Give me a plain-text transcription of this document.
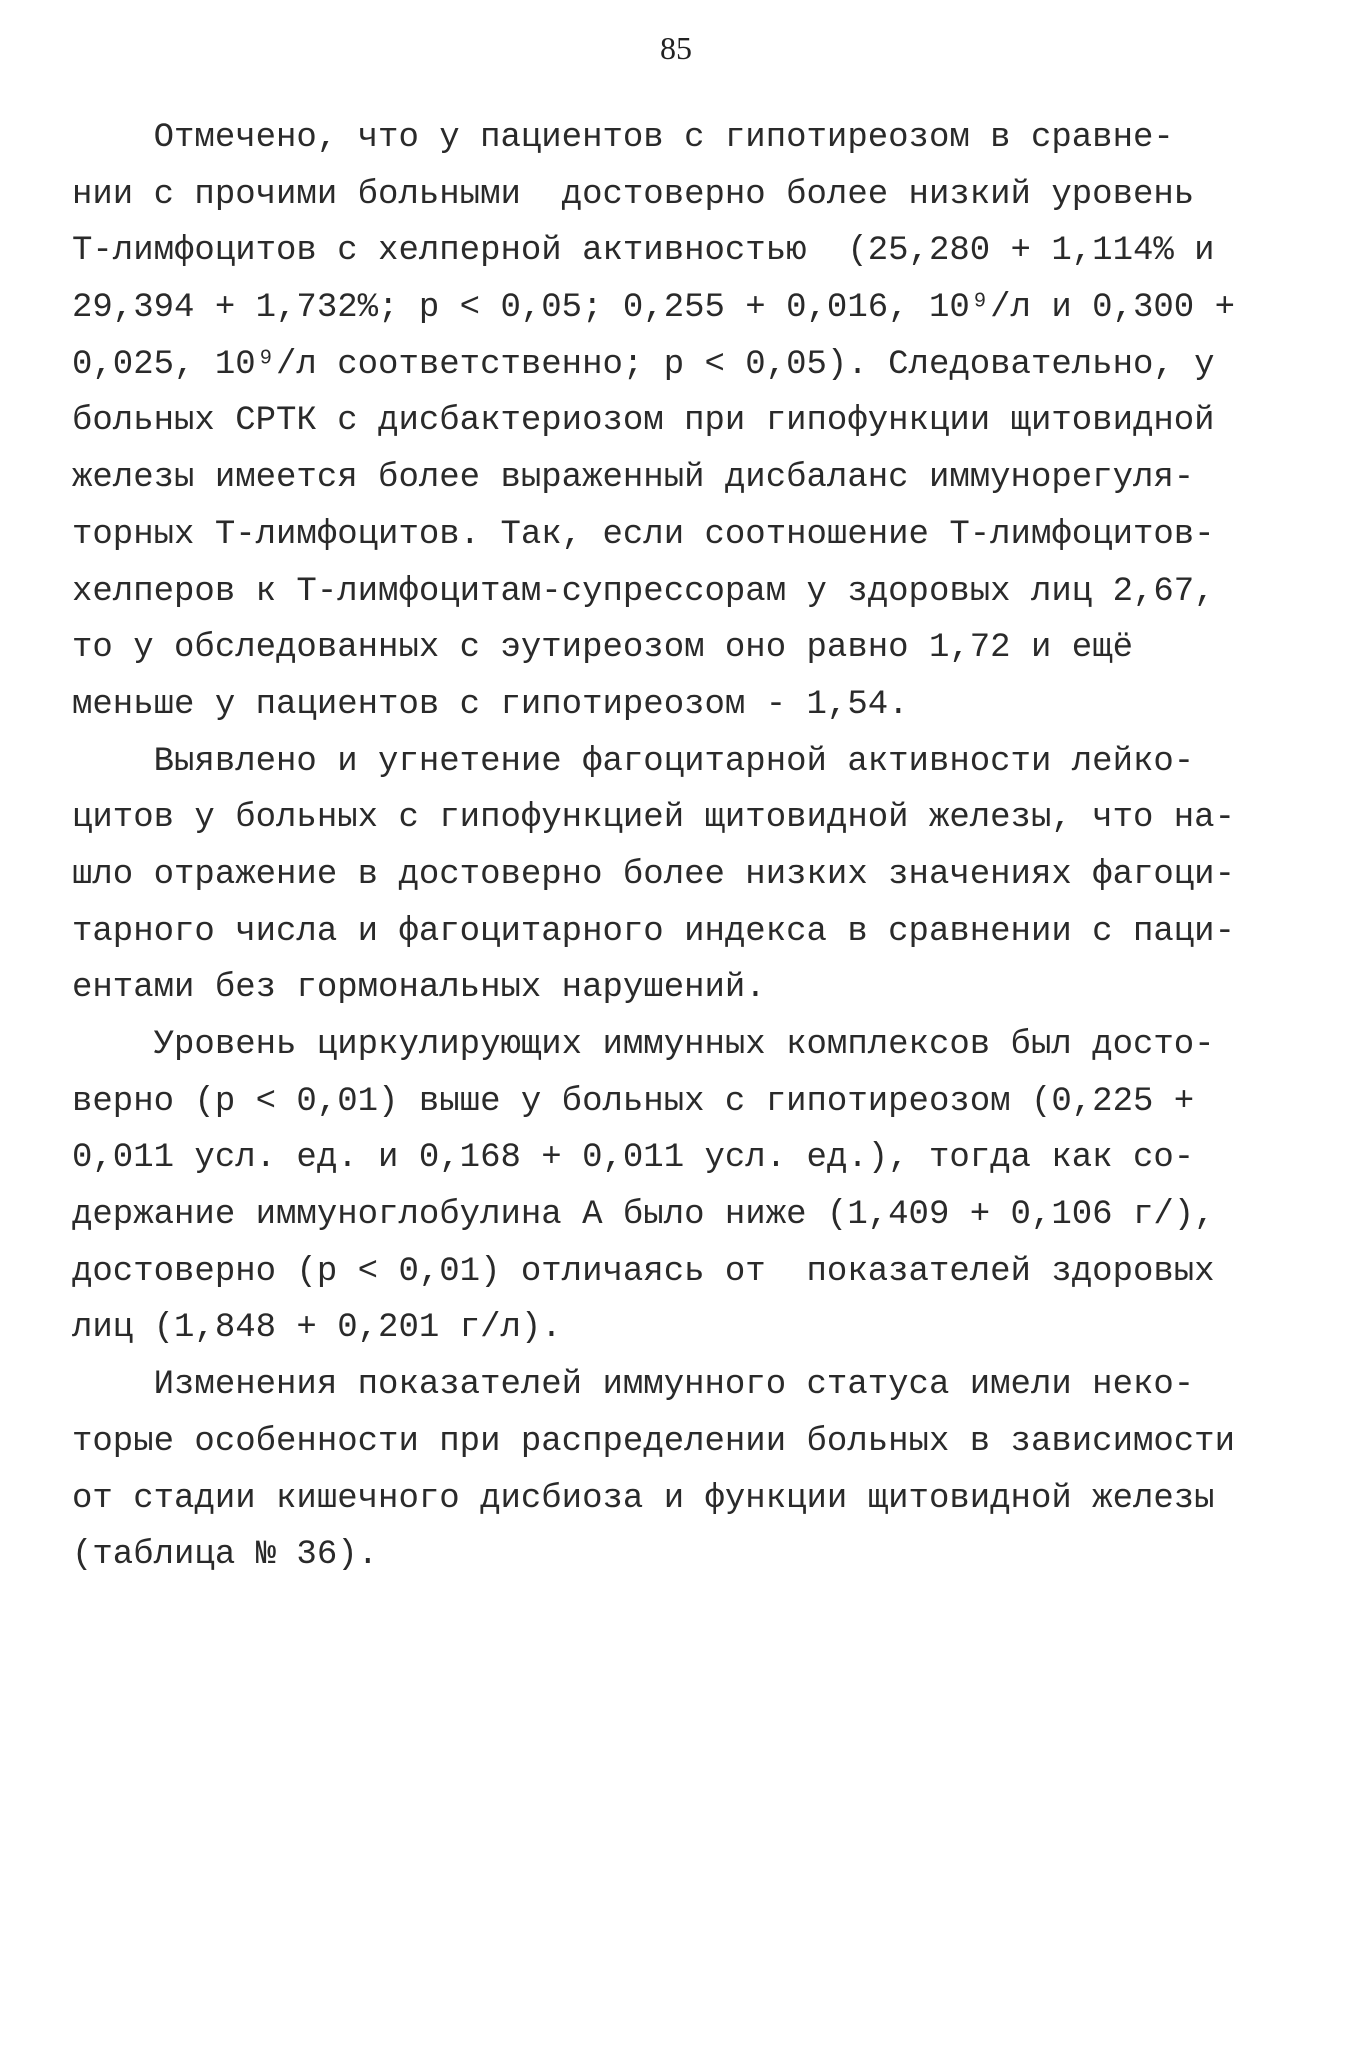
85
Отмечено, что у пациентов с гипотиреозом в сравне-
нии с прочими больными  достоверно более низкий уровень
Т-лимфоцитов с хелперной активностью  (25,280 + 1,114% и
29,394 + 1,732%; p < 0,05; 0,255 + 0,016, 10⁹/л и 0,300 +
0,025, 10⁹/л соответственно; p < 0,05). Следовательно, у
больных СРТК с дисбактериозом при гипофункции щитовидной
железы имеется более выраженный дисбаланс иммунорегуля-
торных Т-лимфоцитов. Так, если соотношение Т-лимфоцитов-
хелперов к Т-лимфоцитам-супрессорам у здоровых лиц 2,67,
то у обследованных с эутиреозом оно равно 1,72 и ещё
меньше у пациентов с гипотиреозом - 1,54.
Выявлено и угнетение фагоцитарной активности лейко-
цитов у больных с гипофункцией щитовидной железы, что на-
шло отражение в достоверно более низких значениях фагоци-
тарного числа и фагоцитарного индекса в сравнении с паци-
ентами без гормональных нарушений.
Уровень циркулирующих иммунных комплексов был досто-
верно (p < 0,01) выше у больных с гипотиреозом (0,225 +
0,011 усл. ед. и 0,168 + 0,011 усл. ед.), тогда как со-
держание иммуноглобулина А было ниже (1,409 + 0,106 г/),
достоверно (p < 0,01) отличаясь от  показателей здоровых
лиц (1,848 + 0,201 г/л).
Изменения показателей иммунного статуса имели неко-
торые особенности при распределении больных в зависимости
от стадии кишечного дисбиоза и функции щитовидной железы
(таблица № 36).
